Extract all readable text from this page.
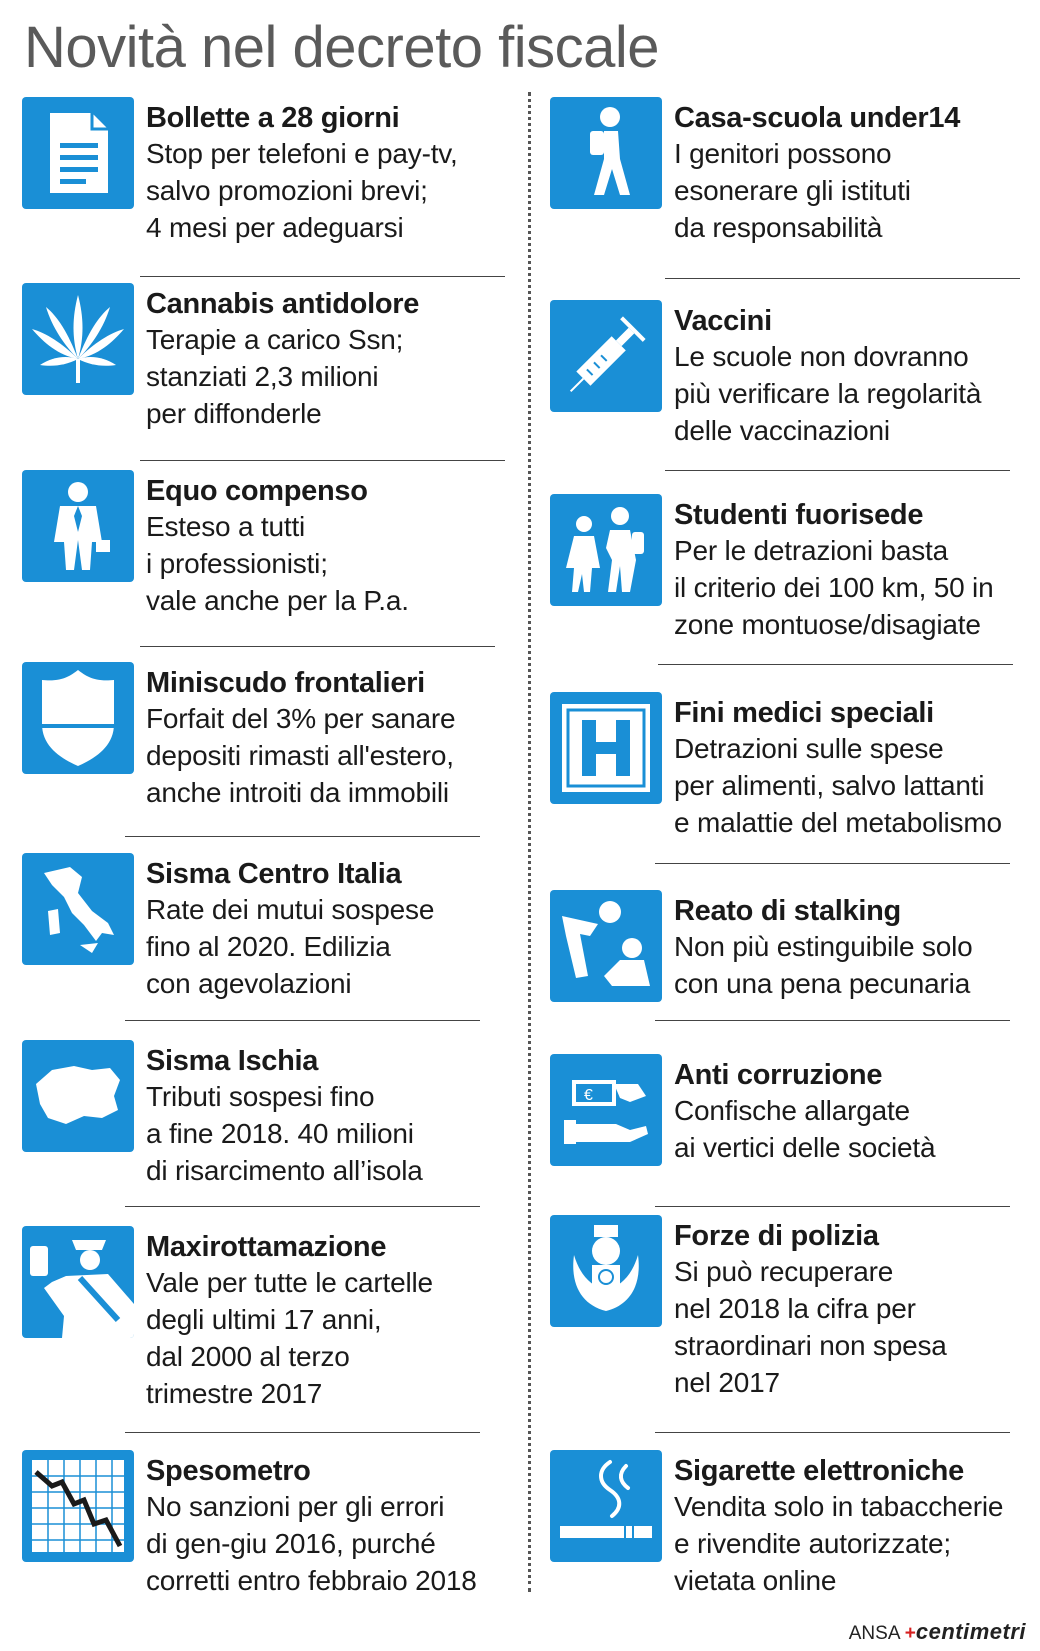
Novità nel decreto fiscale
Bollette a 28 giorni
Stop per telefoni e pay-tv,
salvo promozioni brevi;
4 mesi per adeguarsi
Cannabis antidolore
Terapie a carico Ssn;
stanziati 2,3 milioni
per diffonderle
Equo compenso
Esteso a tutti
i professionisti;
vale anche per la P.a.
Miniscudo frontalieri
Forfait del 3% per sanare
depositi rimasti all'estero,
anche introiti da immobili
Sisma Centro Italia
Rate dei mutui sospese
fino al 2020. Edilizia
con agevolazioni
Sisma Ischia
Tributi sospesi fino
a fine 2018. 40 milioni
di risarcimento all’isola
Maxirottamazione
Vale per tutte le cartelle
degli ultimi 17 anni,
dal 2000 al terzo
trimestre 2017
Spesometro
No sanzioni per gli errori
di gen-giu 2016, purché
corretti entro febbraio 2018
Casa-scuola under14
I genitori possono
esonerare gli istituti
da responsabilità
Vaccini
Le scuole non dovranno
più verificare la regolarità
delle vaccinazioni
Studenti fuorisede
Per le detrazioni basta
il criterio dei 100 km, 50 in
zone montuose/disagiate
Fini medici speciali
Detrazioni sulle spese
per alimenti, salvo lattanti
e malattie del metabolismo
Reato di stalking
Non più estinguibile solo
con una pena pecunaria
€
Anti corruzione
Confische allargate
ai vertici delle società
Forze di polizia
Si può recuperare
nel 2018 la cifra per
straordinari non spesa
nel 2017
Sigarette elettroniche
Vendita solo in tabaccherie
e rivendite autorizzate;
vietata online
ANSA +centimetri
